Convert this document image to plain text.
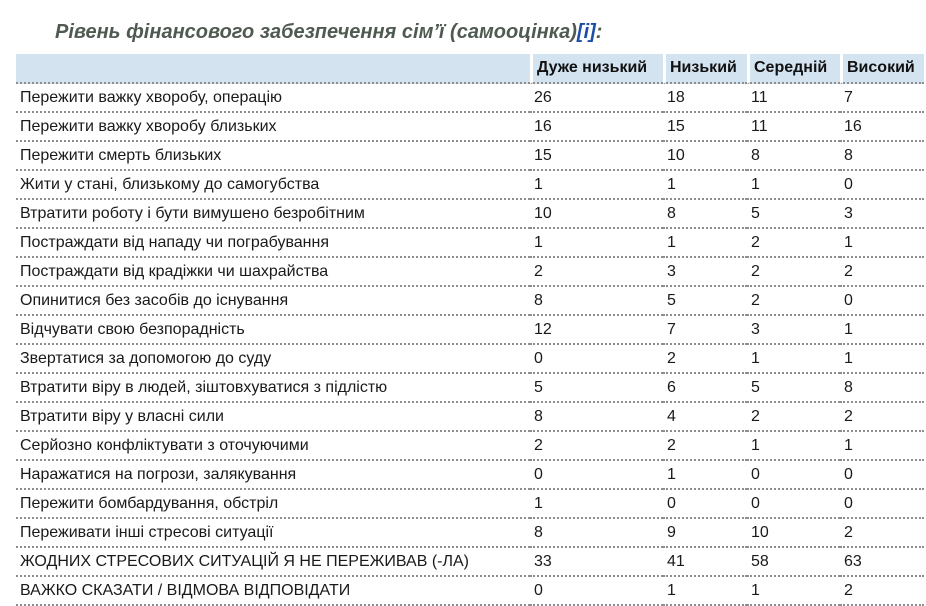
Рівень фінансового забезпечення сім’ї (самооцінка)[i]:
	Дуже низький	Низький	Середній	Високий
Пережити важку хворобу, операцію	26	18	11	7
Пережити важку хворобу близьких	16	15	11	16
Пережити смерть близьких	15	10	8	8
Жити у стані, близькому до самогубства	1	1	1	0
Втратити роботу і бути вимушено безробітним	10	8	5	3
Постраждати від нападу чи пограбування	1	1	2	1
Постраждати від крадіжки чи шахрайства	2	3	2	2
Опинитися без засобів до існування	8	5	2	0
Відчувати свою безпорадність	12	7	3	1
Звертатися за допомогою до суду	0	2	1	1
Втратити віру в людей, зіштовхуватися з підлістю	5	6	5	8
Втратити віру у власні сили	8	4	2	2
Серйозно конфліктувати з оточуючими	2	2	1	1
Наражатися на погрози, залякування	0	1	0	0
Пережити бомбардування, обстріл	1	0	0	0
Переживати інші стресові ситуації	8	9	10	2
ЖОДНИХ СТРЕСОВИХ СИТУАЦІЙ Я НЕ ПЕРЕЖИВАВ (-ЛА)	33	41	58	63
ВАЖКО СКАЗАТИ / ВІДМОВА ВІДПОВІДАТИ	0	1	1	2
